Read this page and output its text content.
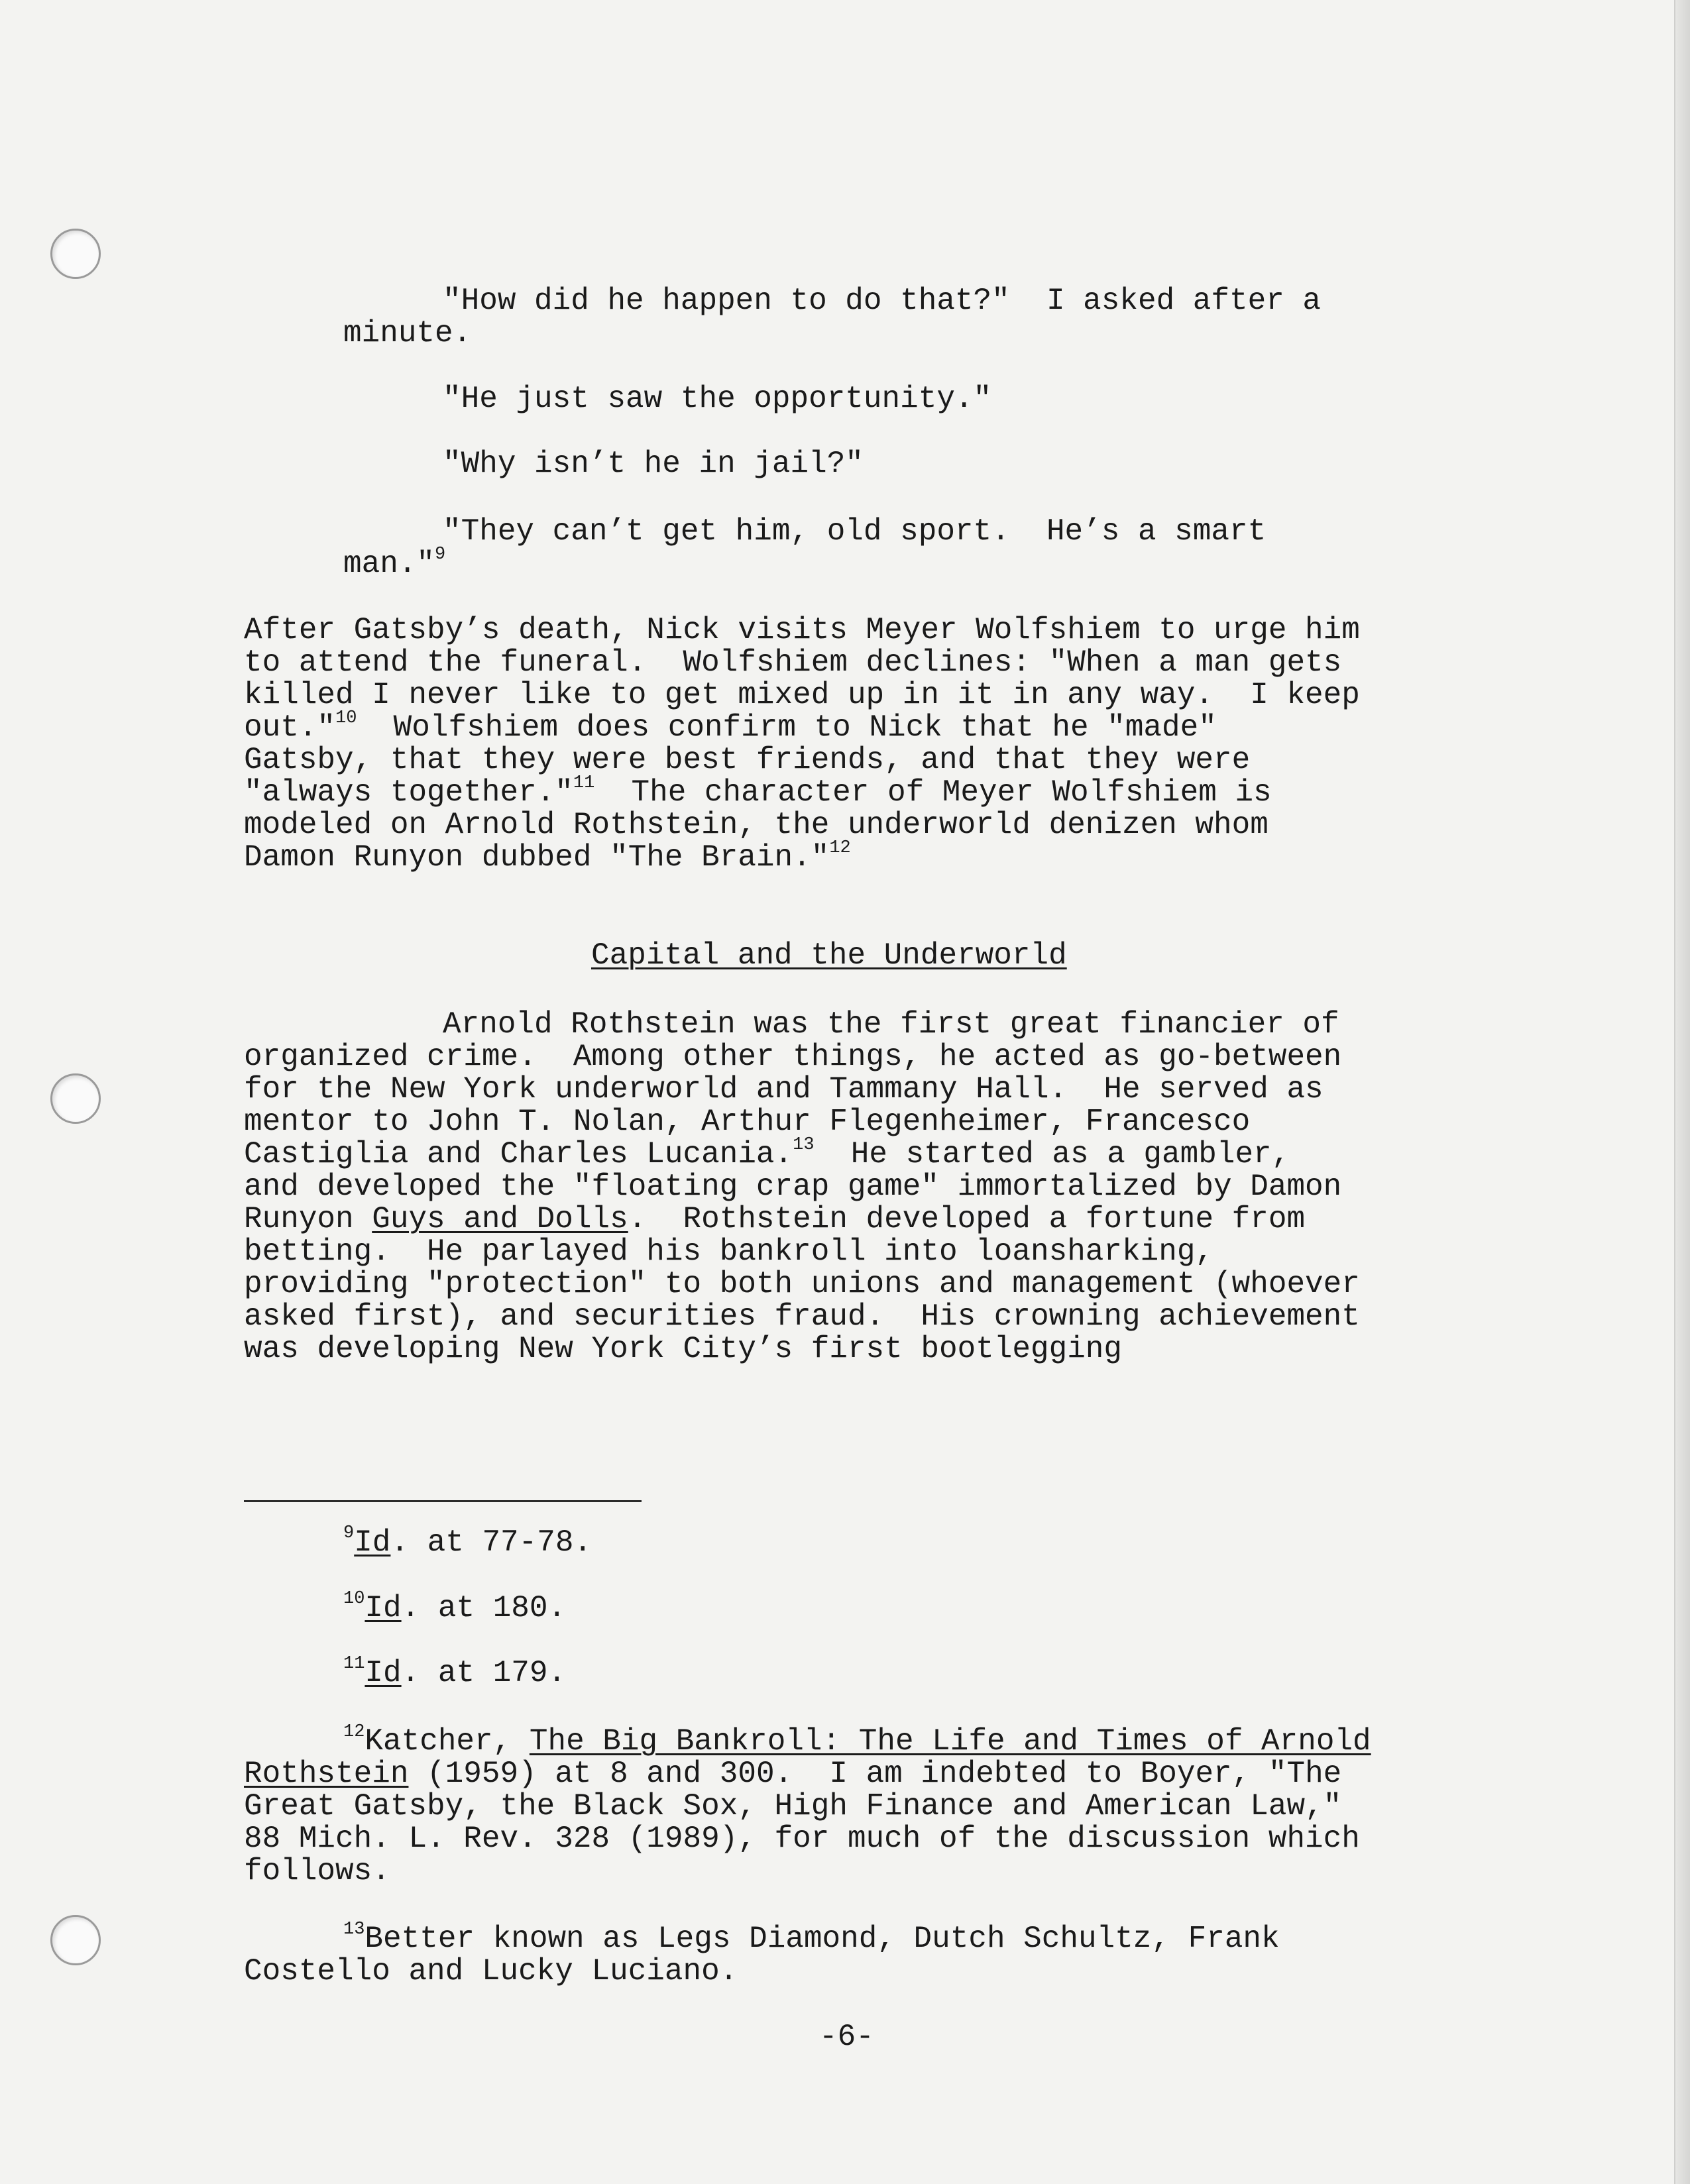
"How did he happen to do that?"  I asked after a

minute.

"He just saw the opportunity."

"Why isn’t he in jail?"

"They can’t get him, old sport.  He’s a smart

man."$^9$

After Gatsby’s death, Nick visits Meyer Wolfshiem to urge him

to attend the funeral.  Wolfshiem declines: "When a man gets

killed I never like to get mixed up in it in any way.  I keep

out."$^{10}$  Wolfshiem does confirm to Nick that he "made"

Gatsby, that they were best friends, and that they were

"always together."$^{11}$  The character of Meyer Wolfshiem is

modeled on Arnold Rothstein, the underworld denizen whom

Damon Runyon dubbed "The Brain."$^{12}$

Capital and the Underworld

Arnold Rothstein was the first great financier of

organized crime.  Among other things, he acted as go-between

for the New York underworld and Tammany Hall.  He served as

mentor to John T. Nolan, Arthur Flegenheimer, Francesco

Castiglia and Charles Lucania.$^{13}$  He started as a gambler,

and developed the "floating crap game" immortalized by Damon

Runyon Guys and Dolls.  Rothstein developed a fortune from

betting.  He parlayed his bankroll into loansharking,

providing "protection" to both unions and management (whoever

asked first), and securities fraud.  His crowning achievement

was developing New York City’s first bootlegging

$^9$Id. at 77-78.

$^{10}$Id. at 180.

$^{11}$Id. at 179.

$^{12}$Katcher, The Big Bankroll: The Life and Times of Arnold

Rothstein (1959) at 8 and 300.  I am indebted to Boyer, "The

Great Gatsby, the Black Sox, High Finance and American Law,"

88 Mich. L. Rev. 328 (1989), for much of the discussion which

follows.

$^{13}$Better known as Legs Diamond, Dutch Schultz, Frank

Costello and Lucky Luciano.

-6-
